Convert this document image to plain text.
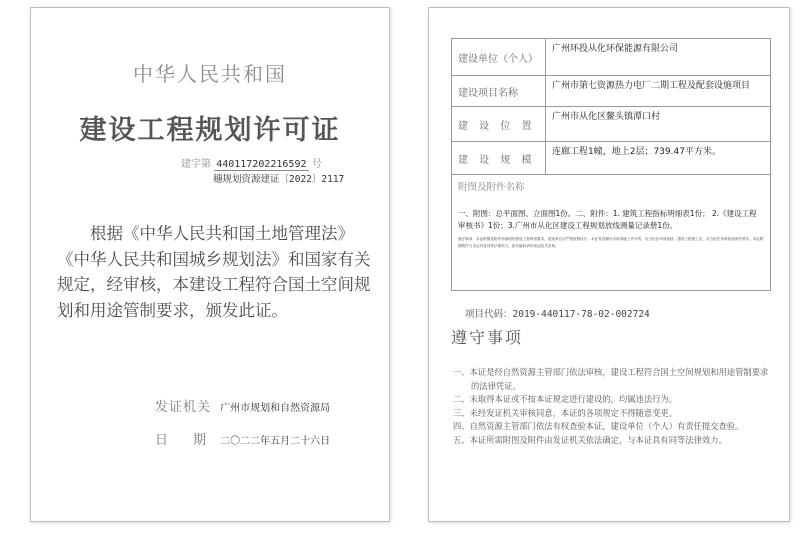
中华人民共和国
建设工程规划许可证
建字第 440117202216592 号
穗规划资源建证〔2022〕2117
根据《中华人民共和国土地管理法》《中华人民共和国城乡规划法》和国家有关规定，经审核，本建设工程符合国土空间规划和用途管制要求，颁发此证。
发证机关 广州市规划和自然资源局
日期 二〇二二年五月二十六日
建设单位（个人）
广州环投从化环保能源有限公司
建设项目名称
广州市第七资源热力电厂二期工程及配套设施项目
建 设 位 置
广州市从化区鳌头镇潭口村
建 设 规 模
连廊工程1幢，地上2层；739.47平方米。
附图及附件名称
一、附图：总平面图、立面图1份。二、附件：1. 建筑工程指标明细表1份； 2.《建设工程审核书》1份；3.广州市从化区建设工程规划放线测量记录册1份。
遵守事项：本证附图及附件所载明的建设工程规划要求，建设单位应严格按照执行；本证有效期内未取得施工许可的，应当依法申请延续；建设工程竣工后，应当依法申请规划条件核实；本证附图附件与本证具有同等法律效力，如有疑问请向发证机关咨询。
项目代码：2019-440117-78-02-002724
遵守事项
一、本证是经自然资源主管部门依法审核，建设工程符合国土空间规划和用途管制要求的法律凭证。
二、未取得本证或不按本证规定进行建设的，均属违法行为。
三、未经发证机关审核同意，本证的各项规定不得随意变更。
四、自然资源主管部门依法有权查验本证，建设单位（个人）有责任提交查验。
五、本证所需附图及附件由发证机关依法确定，与本证具有同等法律效力。
